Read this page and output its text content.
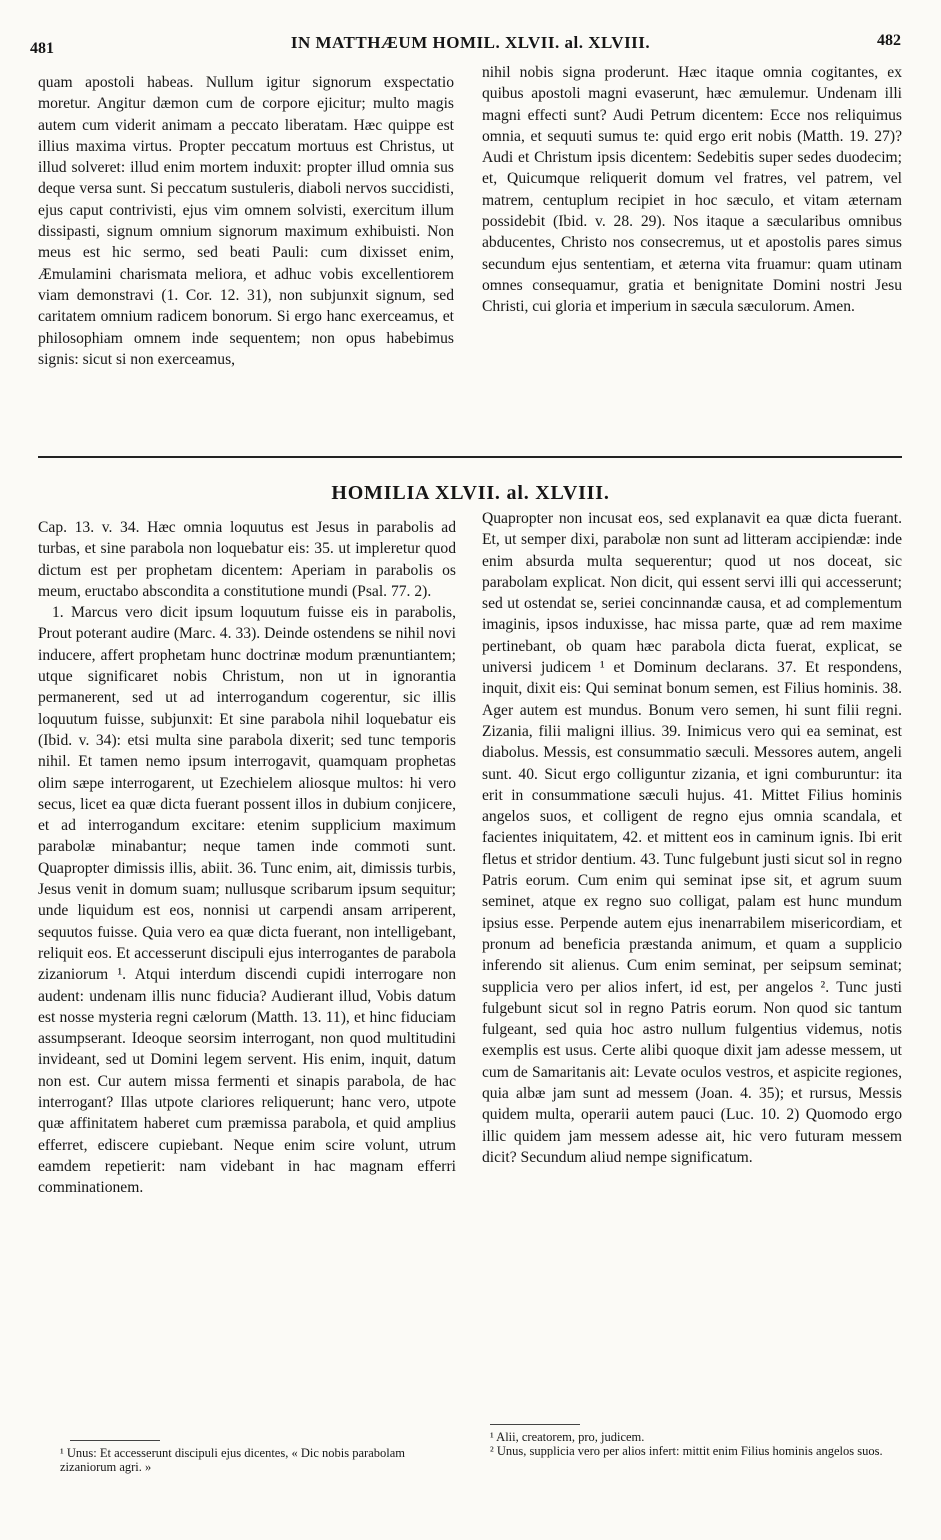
481	IN MATTHÆUM HOMIL. XLVII. al. XLVIII.	482

quam apostoli habeas. Nullum igitur signorum exspectatio moretur. Angitur dæmon cum de corpore ejicitur; multo magis autem cum viderit animam a peccato liberatam. Hæc quippe est illius maxima virtus. Propter peccatum mortuus est Christus, ut illud solveret: illud enim mortem induxit: propter illud omnia sus deque versa sunt. Si peccatum sustuleris, diaboli nervos succidisti, ejus caput contrivisti, ejus vim omnem solvisti, exercitum illum dissipasti, signum omnium signorum maximum exhibuisti. Non meus est hic sermo, sed beati Pauli: cum dixisset enim, Æmulamini charismata meliora, et adhuc vobis excellentiorem viam demonstravi (1. Cor. 12. 31), non subjunxit signum, sed caritatem omnium radicem bonorum. Si ergo hanc exerceamus, et philosophiam omnem inde sequentem; non opus habebimus signis: sicut si non exerceamus,

nihil nobis signa proderunt. Hæc itaque omnia cogitantes, ex quibus apostoli magni evaserunt, hæc æmulemur. Undenam illi magni effecti sunt? Audi Petrum dicentem: Ecce nos reliquimus omnia, et sequuti sumus te: quid ergo erit nobis (Matth. 19. 27)? Audi et Christum ipsis dicentem: Sedebitis super sedes duodecim; et, Quicumque reliquerit domum vel fratres, vel patrem, vel matrem, centuplum recipiet in hoc sæculo, et vitam æternam possidebit (Ibid. v. 28. 29). Nos itaque a sæcularibus omnibus abducentes, Christo nos consecremus, ut et apostolis pares simus secundum ejus sententiam, et æterna vita fruamur: quam utinam omnes consequamur, gratia et benignitate Domini nostri Jesu Christi, cui gloria et imperium in sæcula sæculorum. Amen.

HOMILIA XLVII. al. XLVIII.

Cap. 13. v. 34. Hæc omnia loquutus est Jesus in parabolis ad turbas, et sine parabola non loquebatur eis: 35. ut impleretur quod dictum est per prophetam dicentem: Aperiam in parabolis os meum, eructabo abscondita a constitutione mundi (Psal. 77. 2).

1. Marcus vero dicit ipsum loquutum fuisse eis in parabolis, Prout poterant audire (Marc. 4. 33). Deinde ostendens se nihil novi inducere, affert prophetam hunc doctrinæ modum prænuntiantem; utque significaret nobis Christum, non ut in ignorantia permanerent, sed ut ad interrogandum cogerentur, sic illis loquutum fuisse, subjunxit: Et sine parabola nihil loquebatur eis (Ibid. v. 34): etsi multa sine parabola dixerit; sed tunc temporis nihil. Et tamen nemo ipsum interrogavit, quamquam prophetas olim sæpe interrogarent, ut Ezechielem aliosque multos: hi vero secus, licet ea quæ dicta fuerant possent illos in dubium conjicere, et ad interrogandum excitare: etenim supplicium maximum parabolæ minabantur; neque tamen inde commoti sunt. Quapropter dimissis illis, abiit. 36. Tunc enim, ait, dimissis turbis, Jesus venit in domum suam; nullusque scribarum ipsum sequitur; unde liquidum est eos, nonnisi ut carpendi ansam arriperent, sequutos fuisse. Quia vero ea quæ dicta fuerant, non intelligebant, reliquit eos. Et accesserunt discipuli ejus interrogantes de parabola zizaniorum ¹. Atqui interdum discendi cupidi interrogare non audent: undenam illis nunc fiducia? Audierant illud, Vobis datum est nosse mysteria regni cælorum (Matth. 13. 11), et hinc fiduciam assumpserant. Ideoque seorsim interrogant, non quod multitudini invideant, sed ut Domini legem servent. His enim, inquit, datum non est. Cur autem missa fermenti et sinapis parabola, de hac interrogant? Illas utpote clariores reliquerunt; hanc vero, utpote quæ affinitatem haberet cum præmissa parabola, et quid amplius efferret, ediscere cupiebant. Neque enim scire volunt, utrum eamdem repetierit: nam videbant in hac magnam efferri comminationem.

Quapropter non incusat eos, sed explanavit ea quæ dicta fuerant. Et, ut semper dixi, parabolæ non sunt ad litteram accipiendæ: inde enim absurda multa sequerentur; quod ut nos doceat, sic parabolam explicat. Non dicit, qui essent servi illi qui accesserunt; sed ut ostendat se, seriei concinnandæ causa, et ad complementum imaginis, ipsos induxisse, hac missa parte, quæ ad rem maxime pertinebant, ob quam hæc parabola dicta fuerat, explicat, se universi judicem ¹ et Dominum declarans. 37. Et respondens, inquit, dixit eis: Qui seminat bonum semen, est Filius hominis. 38. Ager autem est mundus. Bonum vero semen, hi sunt filii regni. Zizania, filii maligni illius. 39. Inimicus vero qui ea seminat, est diabolus. Messis, est consummatio sæculi. Messores autem, angeli sunt. 40. Sicut ergo colliguntur zizania, et igni comburuntur: ita erit in consummatione sæculi hujus. 41. Mittet Filius hominis angelos suos, et colligent de regno ejus omnia scandala, et facientes iniquitatem, 42. et mittent eos in caminum ignis. Ibi erit fletus et stridor dentium. 43. Tunc fulgebunt justi sicut sol in regno Patris eorum. Cum enim qui seminat ipse sit, et agrum suum seminet, atque ex regno suo colligat, palam est hunc mundum ipsius esse. Perpende autem ejus inenarrabilem misericordiam, et pronum ad beneficia præstanda animum, et quam a supplicio inferendo sit alienus. Cum enim seminat, per seipsum seminat; supplicia vero per alios infert, id est, per angelos ². Tunc justi fulgebunt sicut sol in regno Patris eorum. Non quod sic tantum fulgeant, sed quia hoc astro nullum fulgentius videmus, notis exemplis est usus. Certe alibi quoque dixit jam adesse messem, ut cum de Samaritanis ait: Levate oculos vestros, et aspicite regiones, quia albæ jam sunt ad messem (Joan. 4. 35); et rursus, Messis quidem multa, operarii autem pauci (Luc. 10. 2) Quomodo ergo illic quidem jam messem adesse ait, hic vero futuram messem dicit? Secundum aliud nempe significatum.

¹ Unus: Et accesserunt discipuli ejus dicentes, « Dic nobis parabolam zizaniorum agri. »

¹ Alii, creatorem, pro, judicem.

² Unus, supplicia vero per alios infert: mittit enim Filius hominis angelos suos.
